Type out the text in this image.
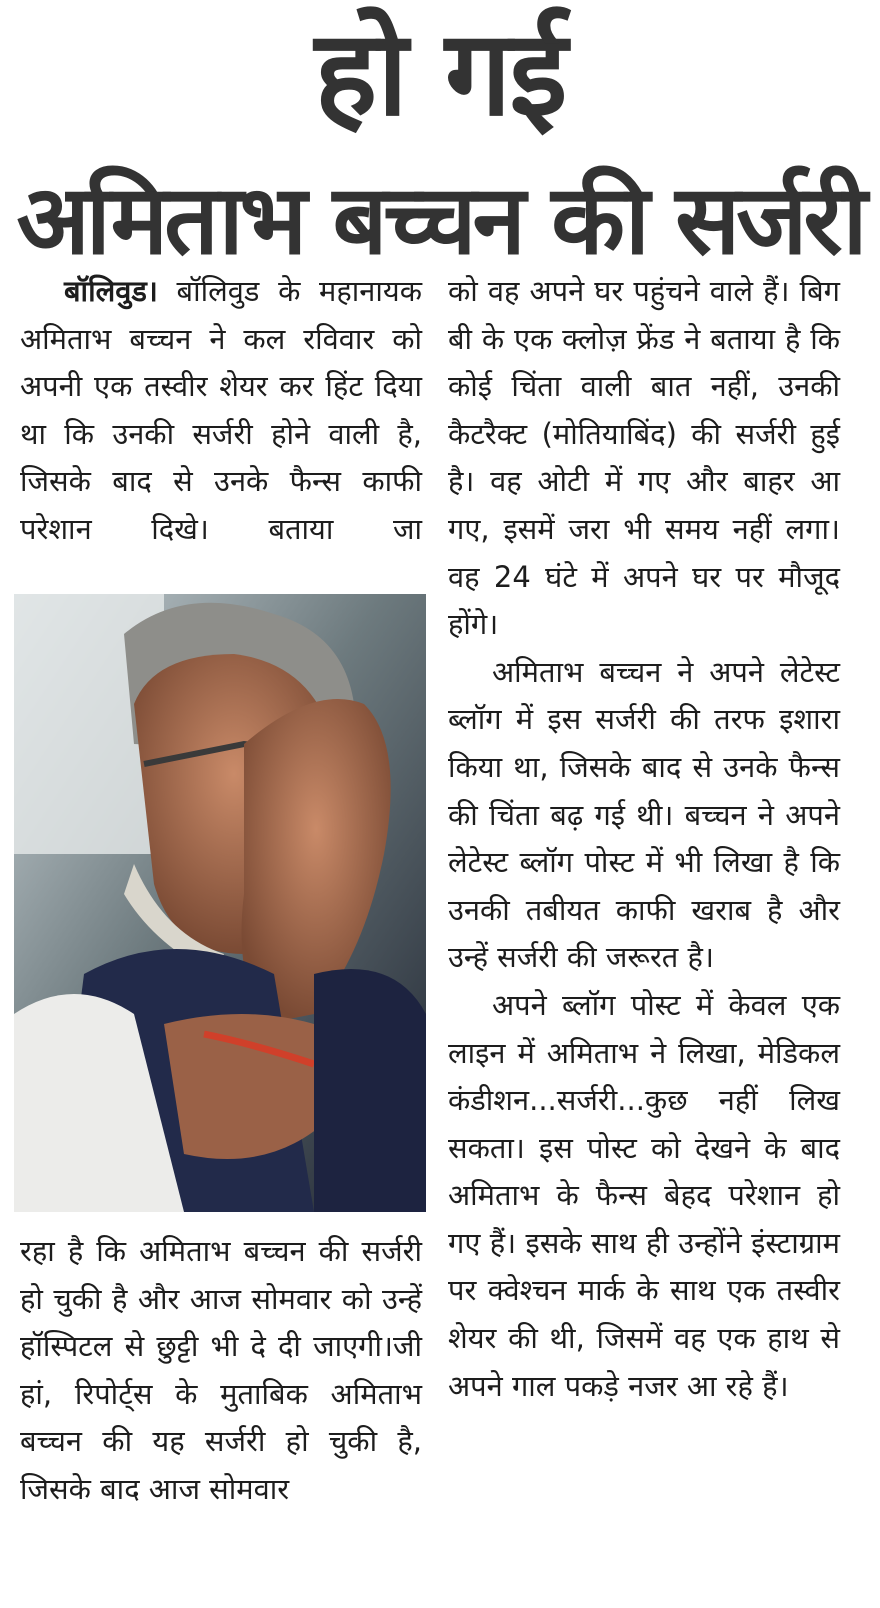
हो गई
अमिताभ बच्चन की सर्जरी

बॉलिवुड। बॉलिवुड के महानायक अमिताभ बच्चन ने कल रविवार को अपनी एक तस्वीर शेयर कर हिंट दिया था कि उनकी सर्जरी होने वाली है, जिसके बाद से उनके फैन्स काफी परेशान दिखे। बताया जा

रहा है कि अमिताभ बच्चन की सर्जरी हो चुकी है और आज सोमवार को उन्हें हॉस्पिटल से छुट्टी भी दे दी जाएगी।जी हां, रिपोर्ट्स के मुताबिक अमिताभ बच्चन की यह सर्जरी हो चुकी है, जिसके बाद आज सोमवार

को वह अपने घर पहुंचने वाले हैं। बिग बी के एक क्लोज़ फ्रेंड ने बताया है कि कोई चिंता वाली बात नहीं, उनकी कैटरैक्ट (मोतियाबिंद) की सर्जरी हुई है। वह ओटी में गए और बाहर आ गए, इसमें जरा भी समय नहीं लगा। वह 24 घंटे में अपने घर पर मौजूद होंगे।

अमिताभ बच्चन ने अपने लेटेस्ट ब्लॉग में इस सर्जरी की तरफ इशारा किया था, जिसके बाद से उनके फैन्स की चिंता बढ़ गई थी। बच्चन ने अपने लेटेस्ट ब्लॉग पोस्ट में भी लिखा है कि उनकी तबीयत काफी खराब है और उन्हें सर्जरी की जरूरत है।

अपने ब्लॉग पोस्ट में केवल एक लाइन में अमिताभ ने लिखा, मेडिकल कंडीशन...सर्जरी...कुछ नहीं लिख सकता। इस पोस्ट को देखने के बाद अमिताभ के फैन्स बेहद परेशान हो गए हैं। इसके साथ ही उन्होंने इंस्टाग्राम पर क्वेश्चन मार्क के साथ एक तस्वीर शेयर की थी, जिसमें वह एक हाथ से अपने गाल पकड़े नजर आ रहे हैं।
